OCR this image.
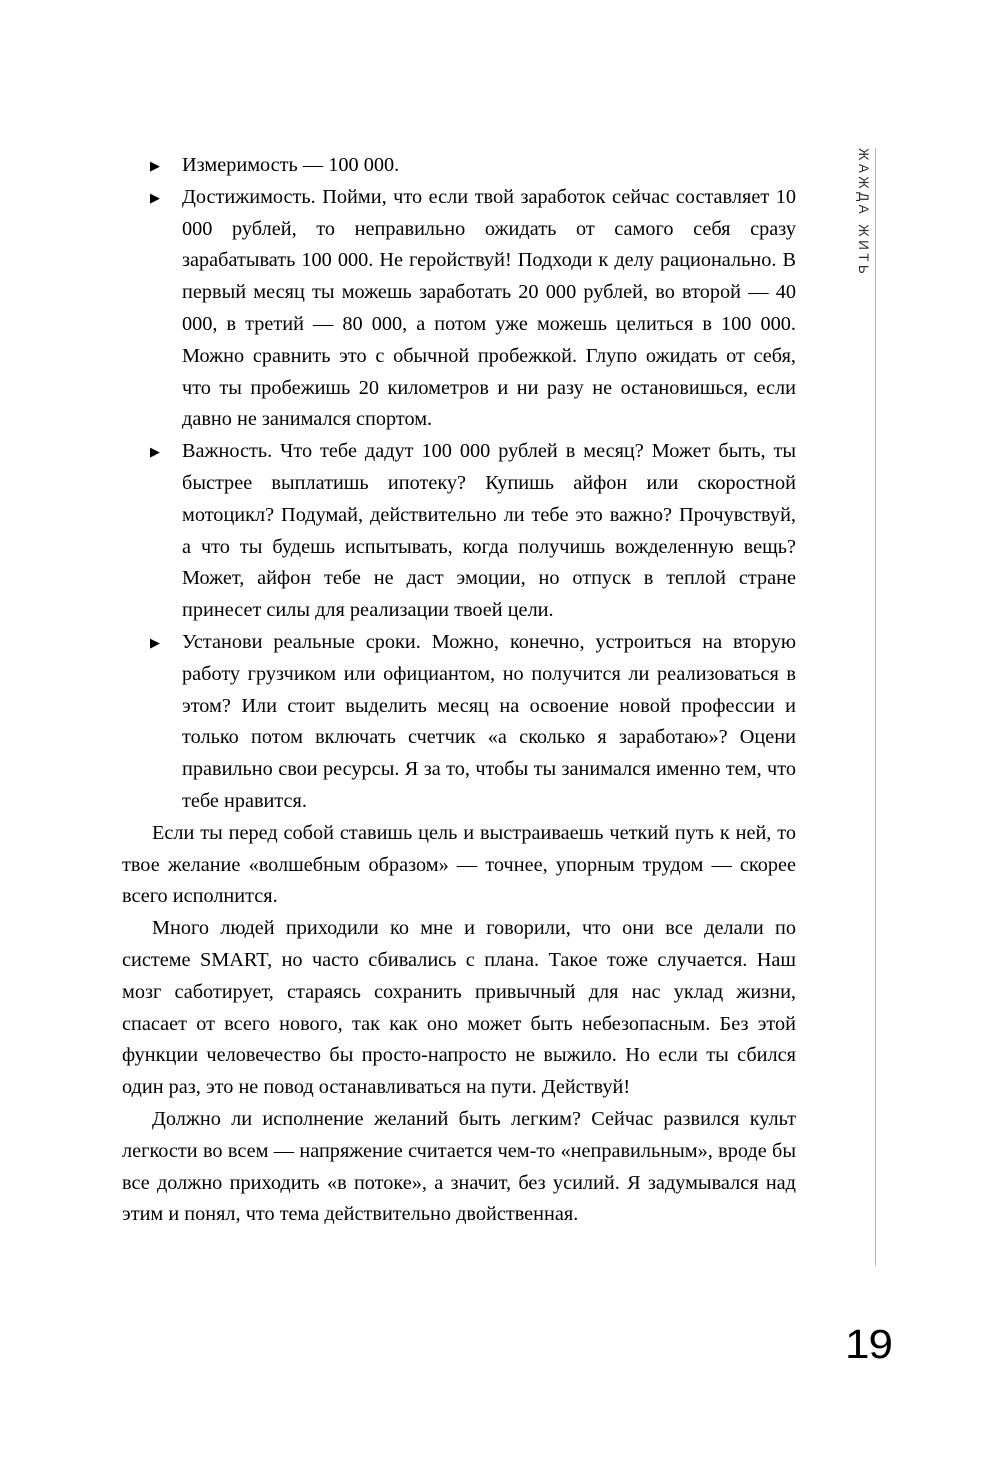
ЖАЖДА ЖИТЬ
▶ Измеримость — 100 000.
▶ Достижимость. Пойми, что если твой заработок сейчас составляет 10 000 рублей, то неправильно ожидать от самого себя сразу зарабатывать 100 000. Не геройствуй! Подходи к делу рационально. В первый месяц ты можешь заработать 20 000 рублей, во второй — 40 000, в третий — 80 000, а потом уже можешь целиться в 100 000. Можно сравнить это с обычной пробежкой. Глупо ожидать от себя, что ты пробежишь 20 километров и ни разу не остановишься, если давно не занимался спортом.
▶ Важность. Что тебе дадут 100 000 рублей в месяц? Может быть, ты быстрее выплатишь ипотеку? Купишь айфон или скоростной мотоцикл? Подумай, действительно ли тебе это важно? Прочувствуй, а что ты будешь испытывать, когда получишь вожделенную вещь? Может, айфон тебе не даст эмоции, но отпуск в теплой стране принесет силы для реализации твоей цели.
▶ Установи реальные сроки. Можно, конечно, устроиться на вторую работу грузчиком или официантом, но получится ли реализоваться в этом? Или стоит выделить месяц на освоение новой профессии и только потом включать счетчик «а сколько я заработаю»? Оцени правильно свои ресурсы. Я за то, чтобы ты занимался именно тем, что тебе нравится.

Если ты перед собой ставишь цель и выстраиваешь четкий путь к ней, то твое желание «волшебным образом» — точнее, упорным трудом — скорее всего исполнится.

Много людей приходили ко мне и говорили, что они все делали по системе SMART, но часто сбивались с плана. Такое тоже случается. Наш мозг саботирует, стараясь сохранить привычный для нас уклад жизни, спасает от всего нового, так как оно может быть небезопасным. Без этой функции человечество бы просто-напросто не выжило. Но если ты сбился один раз, это не повод останавливаться на пути. Действуй!

Должно ли исполнение желаний быть легким? Сейчас развился культ легкости во всем — напряжение считается чем-то «неправильным», вроде бы все должно приходить «в потоке», а значит, без усилий. Я задумывался над этим и понял, что тема действительно двойственная.

19
